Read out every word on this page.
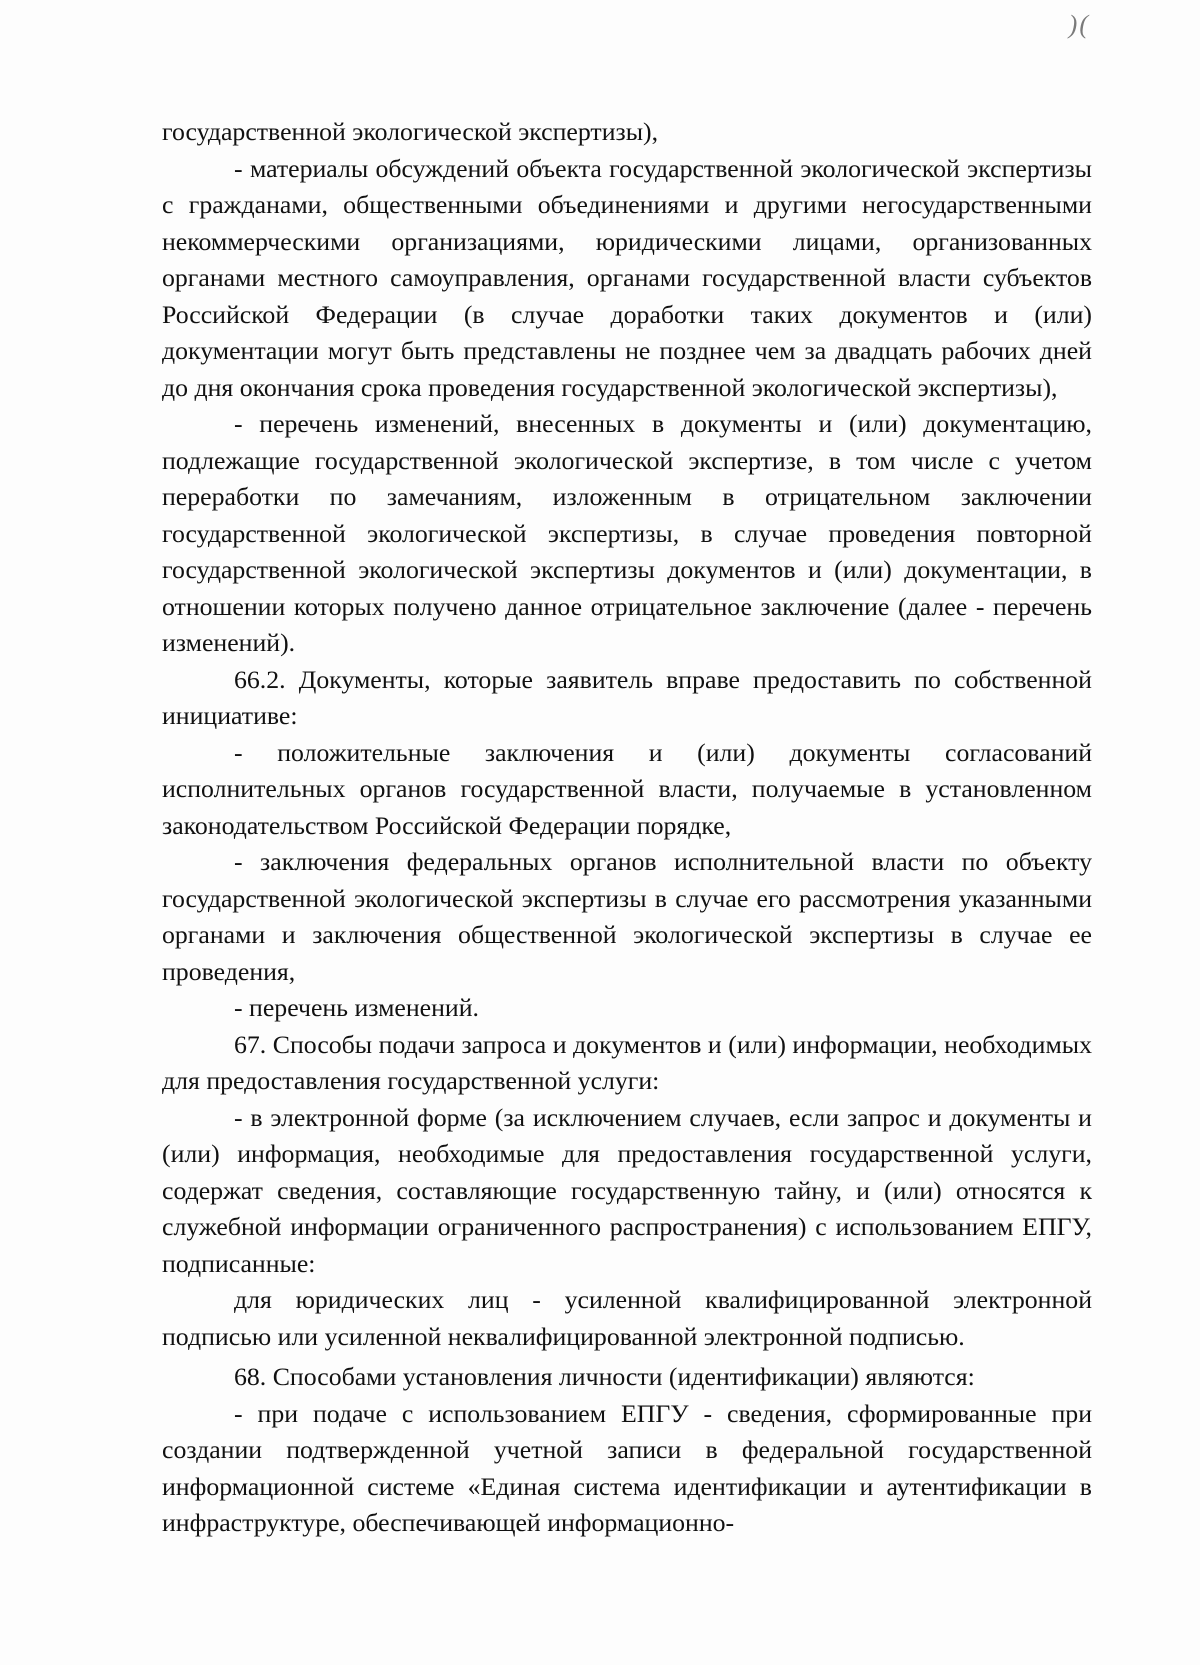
)(

государственной экологической экспертизы),

- материалы обсуждений объекта государственной экологической экспертизы с гражданами, общественными объединениями и другими негосударственными некоммерческими организациями, юридическими лицами, организованных органами местного самоуправления, органами государственной власти субъектов Российской Федерации (в случае доработки таких документов и (или) документации могут быть представлены не позднее чем за двадцать рабочих дней до дня окончания срока проведения государственной экологической экспертизы),

- перечень изменений, внесенных в документы и (или) документацию, подлежащие государственной экологической экспертизе, в том числе с учетом переработки по замечаниям, изложенным в отрицательном заключении государственной экологической экспертизы, в случае проведения повторной государственной экологической экспертизы документов и (или) документации, в отношении которых получено данное отрицательное заключение (далее - перечень изменений).

66.2. Документы, которые заявитель вправе предоставить по собственной инициативе:

- положительные заключения и (или) документы согласований исполнительных органов государственной власти, получаемые в установленном законодательством Российской Федерации порядке,

- заключения федеральных органов исполнительной власти по объекту государственной экологической экспертизы в случае его рассмотрения указанными органами и заключения общественной экологической экспертизы в случае ее проведения,

- перечень изменений.

67. Способы подачи запроса и документов и (или) информации, необходимых для предоставления государственной услуги:

- в электронной форме (за исключением случаев, если запрос и документы и (или) информация, необходимые для предоставления государственной услуги, содержат сведения, составляющие государственную тайну, и (или) относятся к служебной информации ограниченного распространения) с использованием ЕПГУ, подписанные:

для юридических лиц - усиленной квалифицированной электронной подписью или усиленной неквалифицированной электронной подписью.

68. Способами установления личности (идентификации) являются:

- при подаче с использованием ЕПГУ - сведения, сформированные при создании подтвержденной учетной записи в федеральной государственной информационной системе «Единая система идентификации и аутентификации в инфраструктуре, обеспечивающей информационно-
